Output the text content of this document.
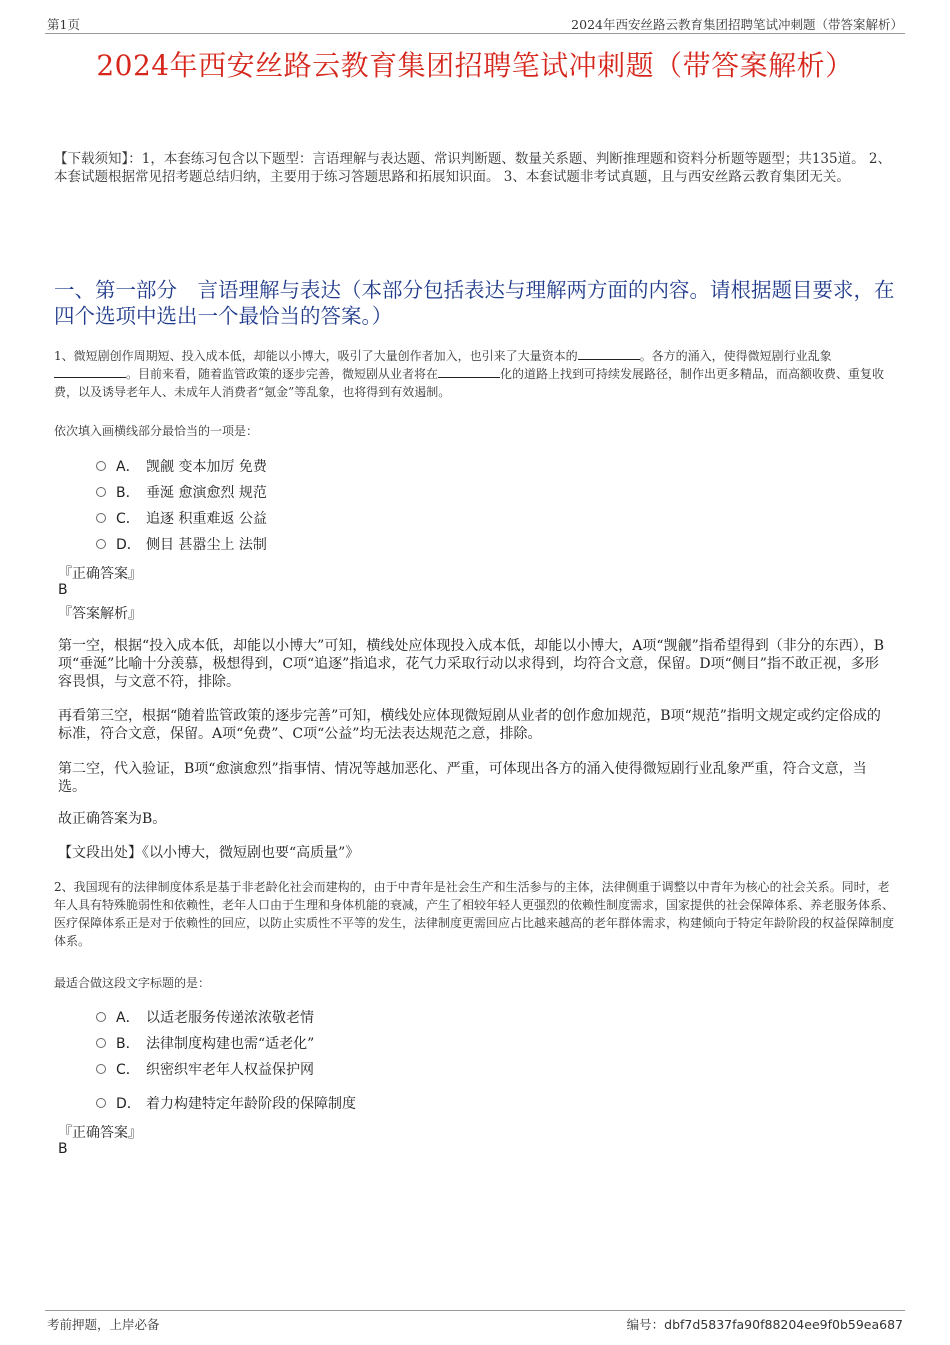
第1页	2024年西安丝路云教育集团招聘笔试冲刺题（带答案解析）
2024年西安丝路云教育集团招聘笔试冲刺题（带答案解析）

【下载须知】：1，本套练习包含以下题型：言语理解与表达题、常识判断题、数量关系题、判断推理题和资料分析题等题型；共135道。 2、本套试题根据常见招考题总结归纳，主要用于练习答题思路和拓展知识面。 3、本套试题非考试真题，且与西安丝路云教育集团无关。

一、第一部分　言语理解与表达（本部分包括表达与理解两方面的内容。请根据题目要求，在四个选项中选出一个最恰当的答案。）

1、微短剧创作周期短、投入成本低，却能以小博大，吸引了大量创作者加入，也引来了大量资本的	。各方的涌入，使得微短剧行业乱象。目前来看，随着监管政策的逐步完善，微短剧从业者将在	化的道路上找到可持续发展路径，制作出更多精品，而高额收费、重复收费，以及诱导老年人、未成年人消费者“氪金”等乱象，也将得到有效遏制。

依次填入画横线部分最恰当的一项是：
A． 觊觎 变本加厉 免费
B． 垂涎 愈演愈烈 规范
C． 追逐 积重难返 公益
D． 侧目 甚嚣尘上 法制
『正确答案』
B
『答案解析』

第一空，根据“投入成本低，却能以小博大”可知，横线处应体现投入成本低，却能以小博大，A项“觊觎”指希望得到（非分的东西），B项“垂涎”比喻十分羡慕，极想得到，C项“追逐”指追求，花气力采取行动以求得到，均符合文意，保留。D项“侧目”指不敢正视，多形容畏惧，与文意不符，排除。

再看第三空，根据“随着监管政策的逐步完善”可知，横线处应体现微短剧从业者的创作愈加规范，B项“规范”指明文规定或约定俗成的标准，符合文意，保留。A项“免费”、C项“公益”均无法表达规范之意，排除。

第二空，代入验证，B项“愈演愈烈”指事情、情况等越加恶化、严重，可体现出各方的涌入使得微短剧行业乱象严重，符合文意，当选。

故正确答案为B。

【文段出处】《以小博大，微短剧也要“高质量”》

2、我国现有的法律制度体系是基于非老龄化社会而建构的，由于中青年是社会生产和生活参与的主体，法律侧重于调整以中青年为核心的社会关系。同时，老年人具有特殊脆弱性和依赖性，老年人口由于生理和身体机能的衰减，产生了相较年轻人更强烈的依赖性制度需求，国家提供的社会保障体系、养老服务体系、医疗保障体系正是对于依赖性的回应，以防止实质性不平等的发生，法律制度更需回应占比越来越高的老年群体需求，构建倾向于特定年龄阶段的权益保障制度体系。

最适合做这段文字标题的是：
A． 以适老服务传递浓浓敬老情
B． 法律制度构建也需“适老化”
C． 织密织牢老年人权益保护网
D． 着力构建特定年龄阶段的保障制度
『正确答案』
B
考前押题，上岸必备	编号：dbf7d5837fa90f88204ee9f0b59ea687
